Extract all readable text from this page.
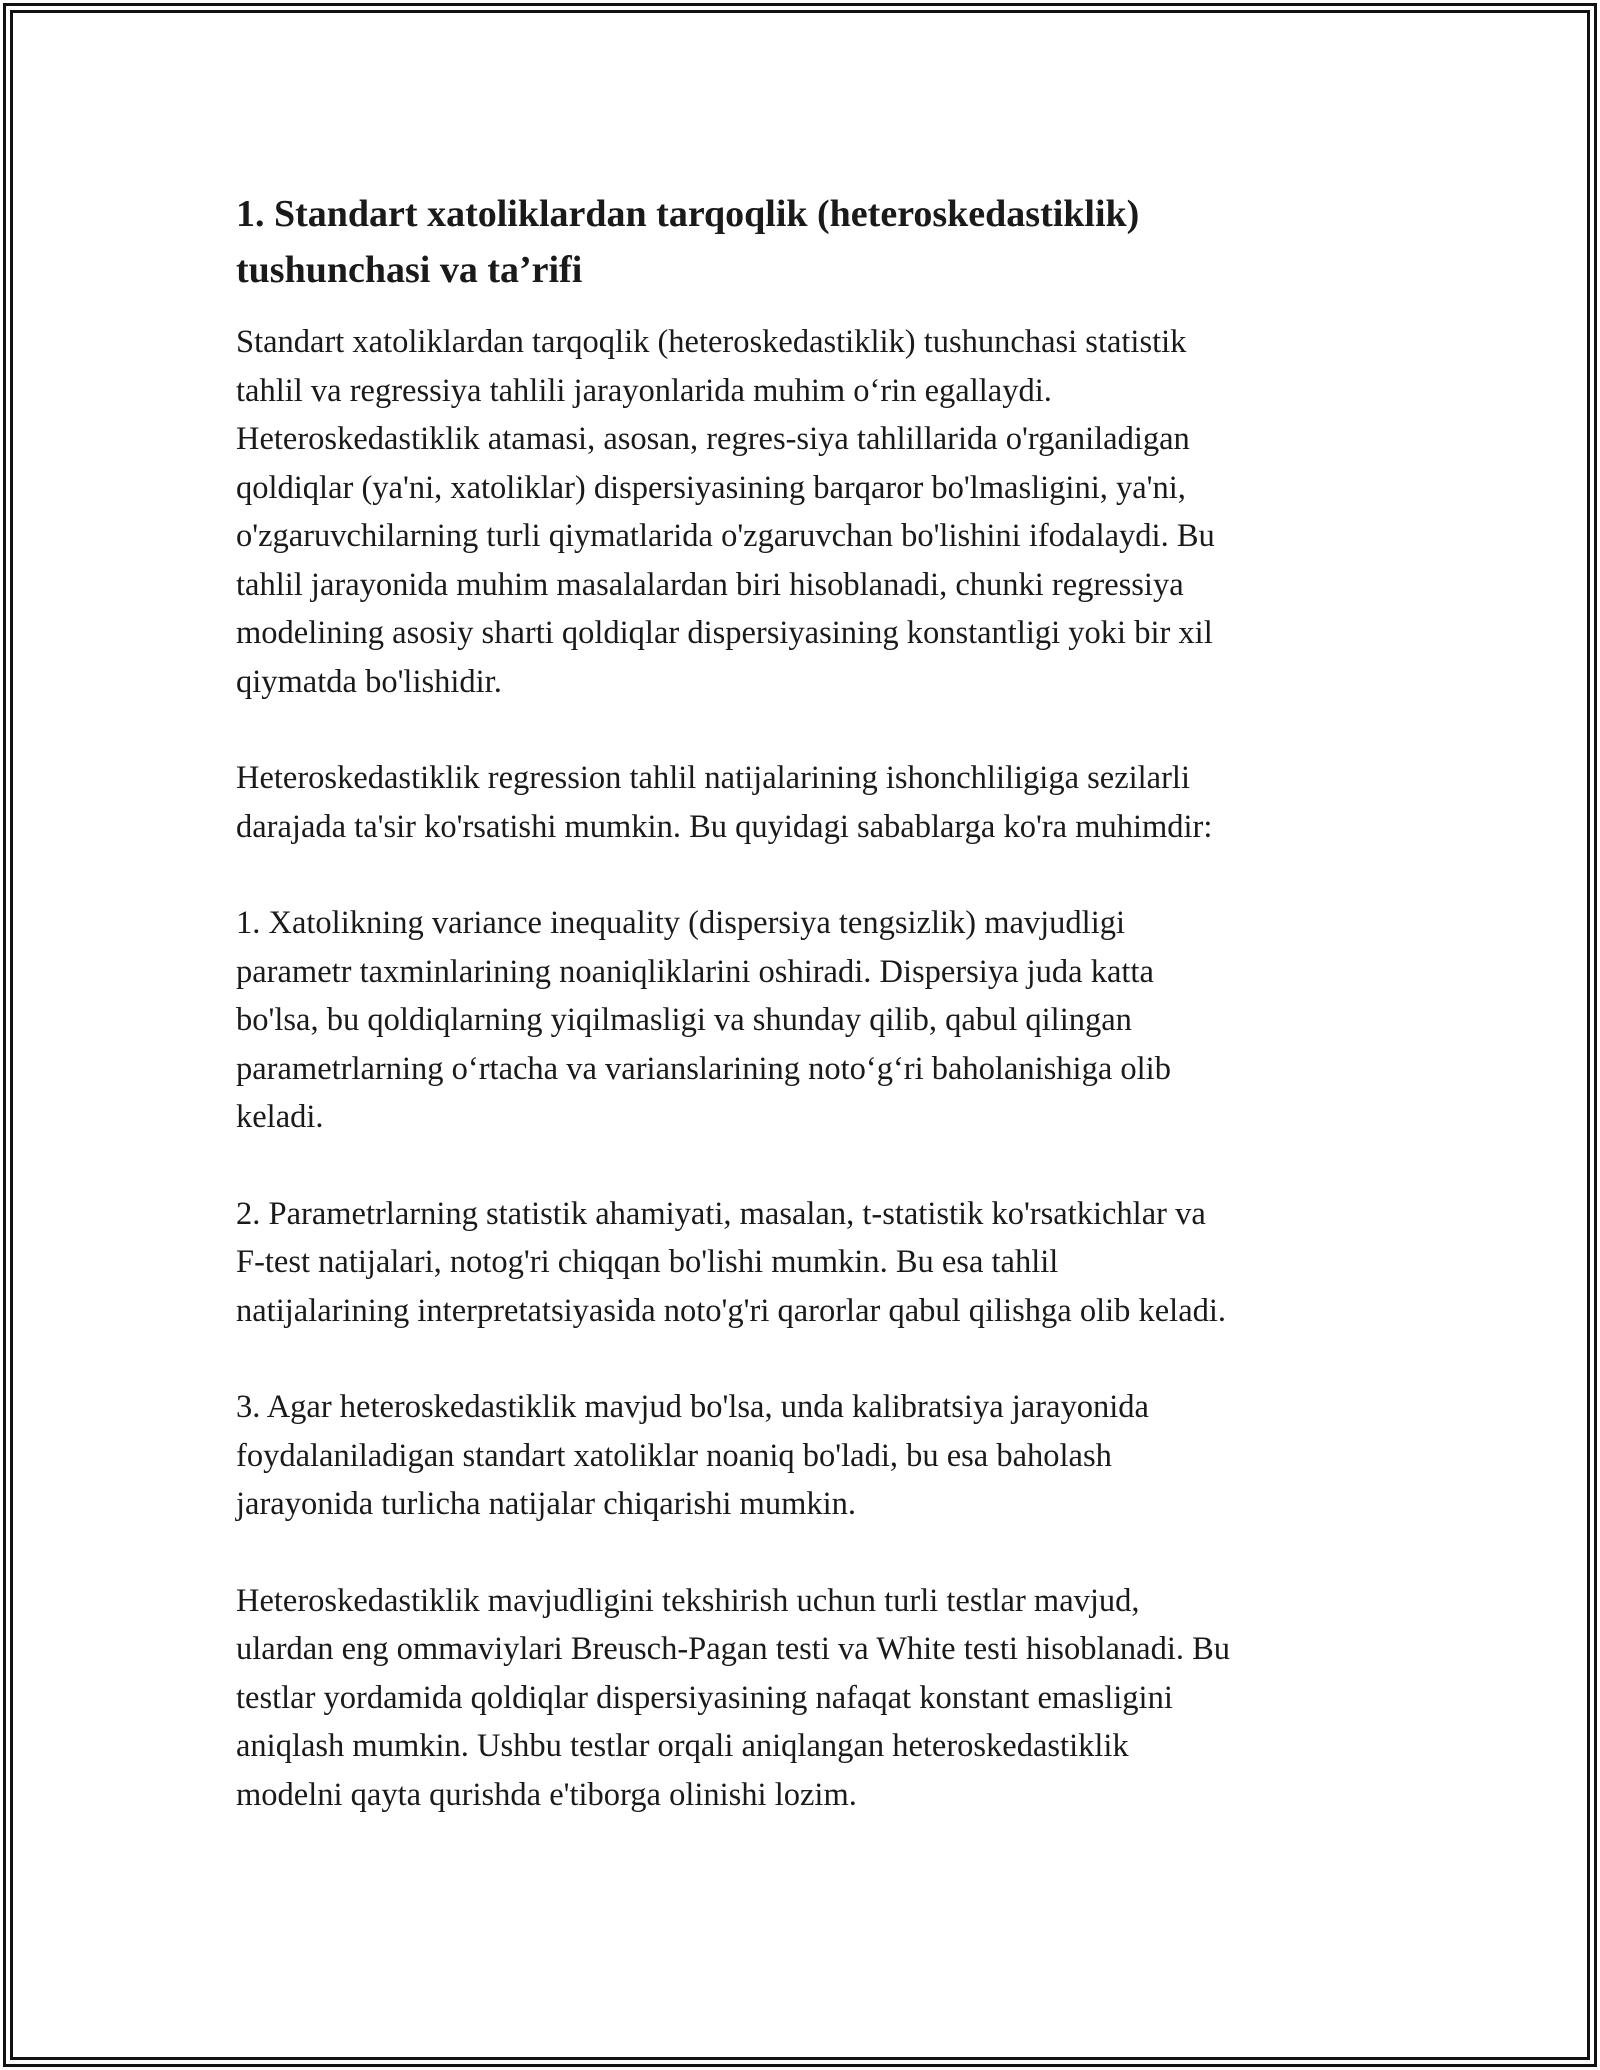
1. Standart xatoliklardan tarqoqlik (heteroskedastiklik)
tushunchasi va ta’rifi

Standart xatoliklardan tarqoqlik (heteroskedastiklik) tushunchasi statistik
tahlil va regressiya tahlili jarayonlarida muhim o‘rin egallaydi.
Heteroskedastiklik atamasi, asosan, regres-siya tahlillarida o'rganiladigan
qoldiqlar (ya'ni, xatoliklar) dispersiyasining barqaror bo'lmasligini, ya'ni,
o'zgaruvchilarning turli qiymatlarida o'zgaruvchan bo'lishini ifodalaydi. Bu
tahlil jarayonida muhim masalalardan biri hisoblanadi, chunki regressiya
modelining asosiy sharti qoldiqlar dispersiyasining konstantligi yoki bir xil
qiymatda bo'lishidir.

Heteroskedastiklik regression tahlil natijalarining ishonchliligiga sezilarli
darajada ta'sir ko'rsatishi mumkin. Bu quyidagi sabablarga ko'ra muhimdir:

1. Xatolikning variance inequality (dispersiya tengsizlik) mavjudligi
parametr taxminlarining noaniqliklarini oshiradi. Dispersiya juda katta
bo'lsa, bu qoldiqlarning yiqilmasligi va shunday qilib, qabul qilingan
parametrlarning o‘rtacha va varianslarining noto‘g‘ri baholanishiga olib
keladi.

2. Parametrlarning statistik ahamiyati, masalan, t-statistik ko'rsatkichlar va
F-test natijalari, notog'ri chiqqan bo'lishi mumkin. Bu esa tahlil
natijalarining interpretatsiyasida noto'g'ri qarorlar qabul qilishga olib keladi.

3. Agar heteroskedastiklik mavjud bo'lsa, unda kalibratsiya jarayonida
foydalaniladigan standart xatoliklar noaniq bo'ladi, bu esa baholash
jarayonida turlicha natijalar chiqarishi mumkin.

Heteroskedastiklik mavjudligini tekshirish uchun turli testlar mavjud,
ulardan eng ommaviylari Breusch-Pagan testi va White testi hisoblanadi. Bu
testlar yordamida qoldiqlar dispersiyasining nafaqat konstant emasligini
aniqlash mumkin. Ushbu testlar orqali aniqlangan heteroskedastiklik
modelni qayta qurishda e'tiborga olinishi lozim.
